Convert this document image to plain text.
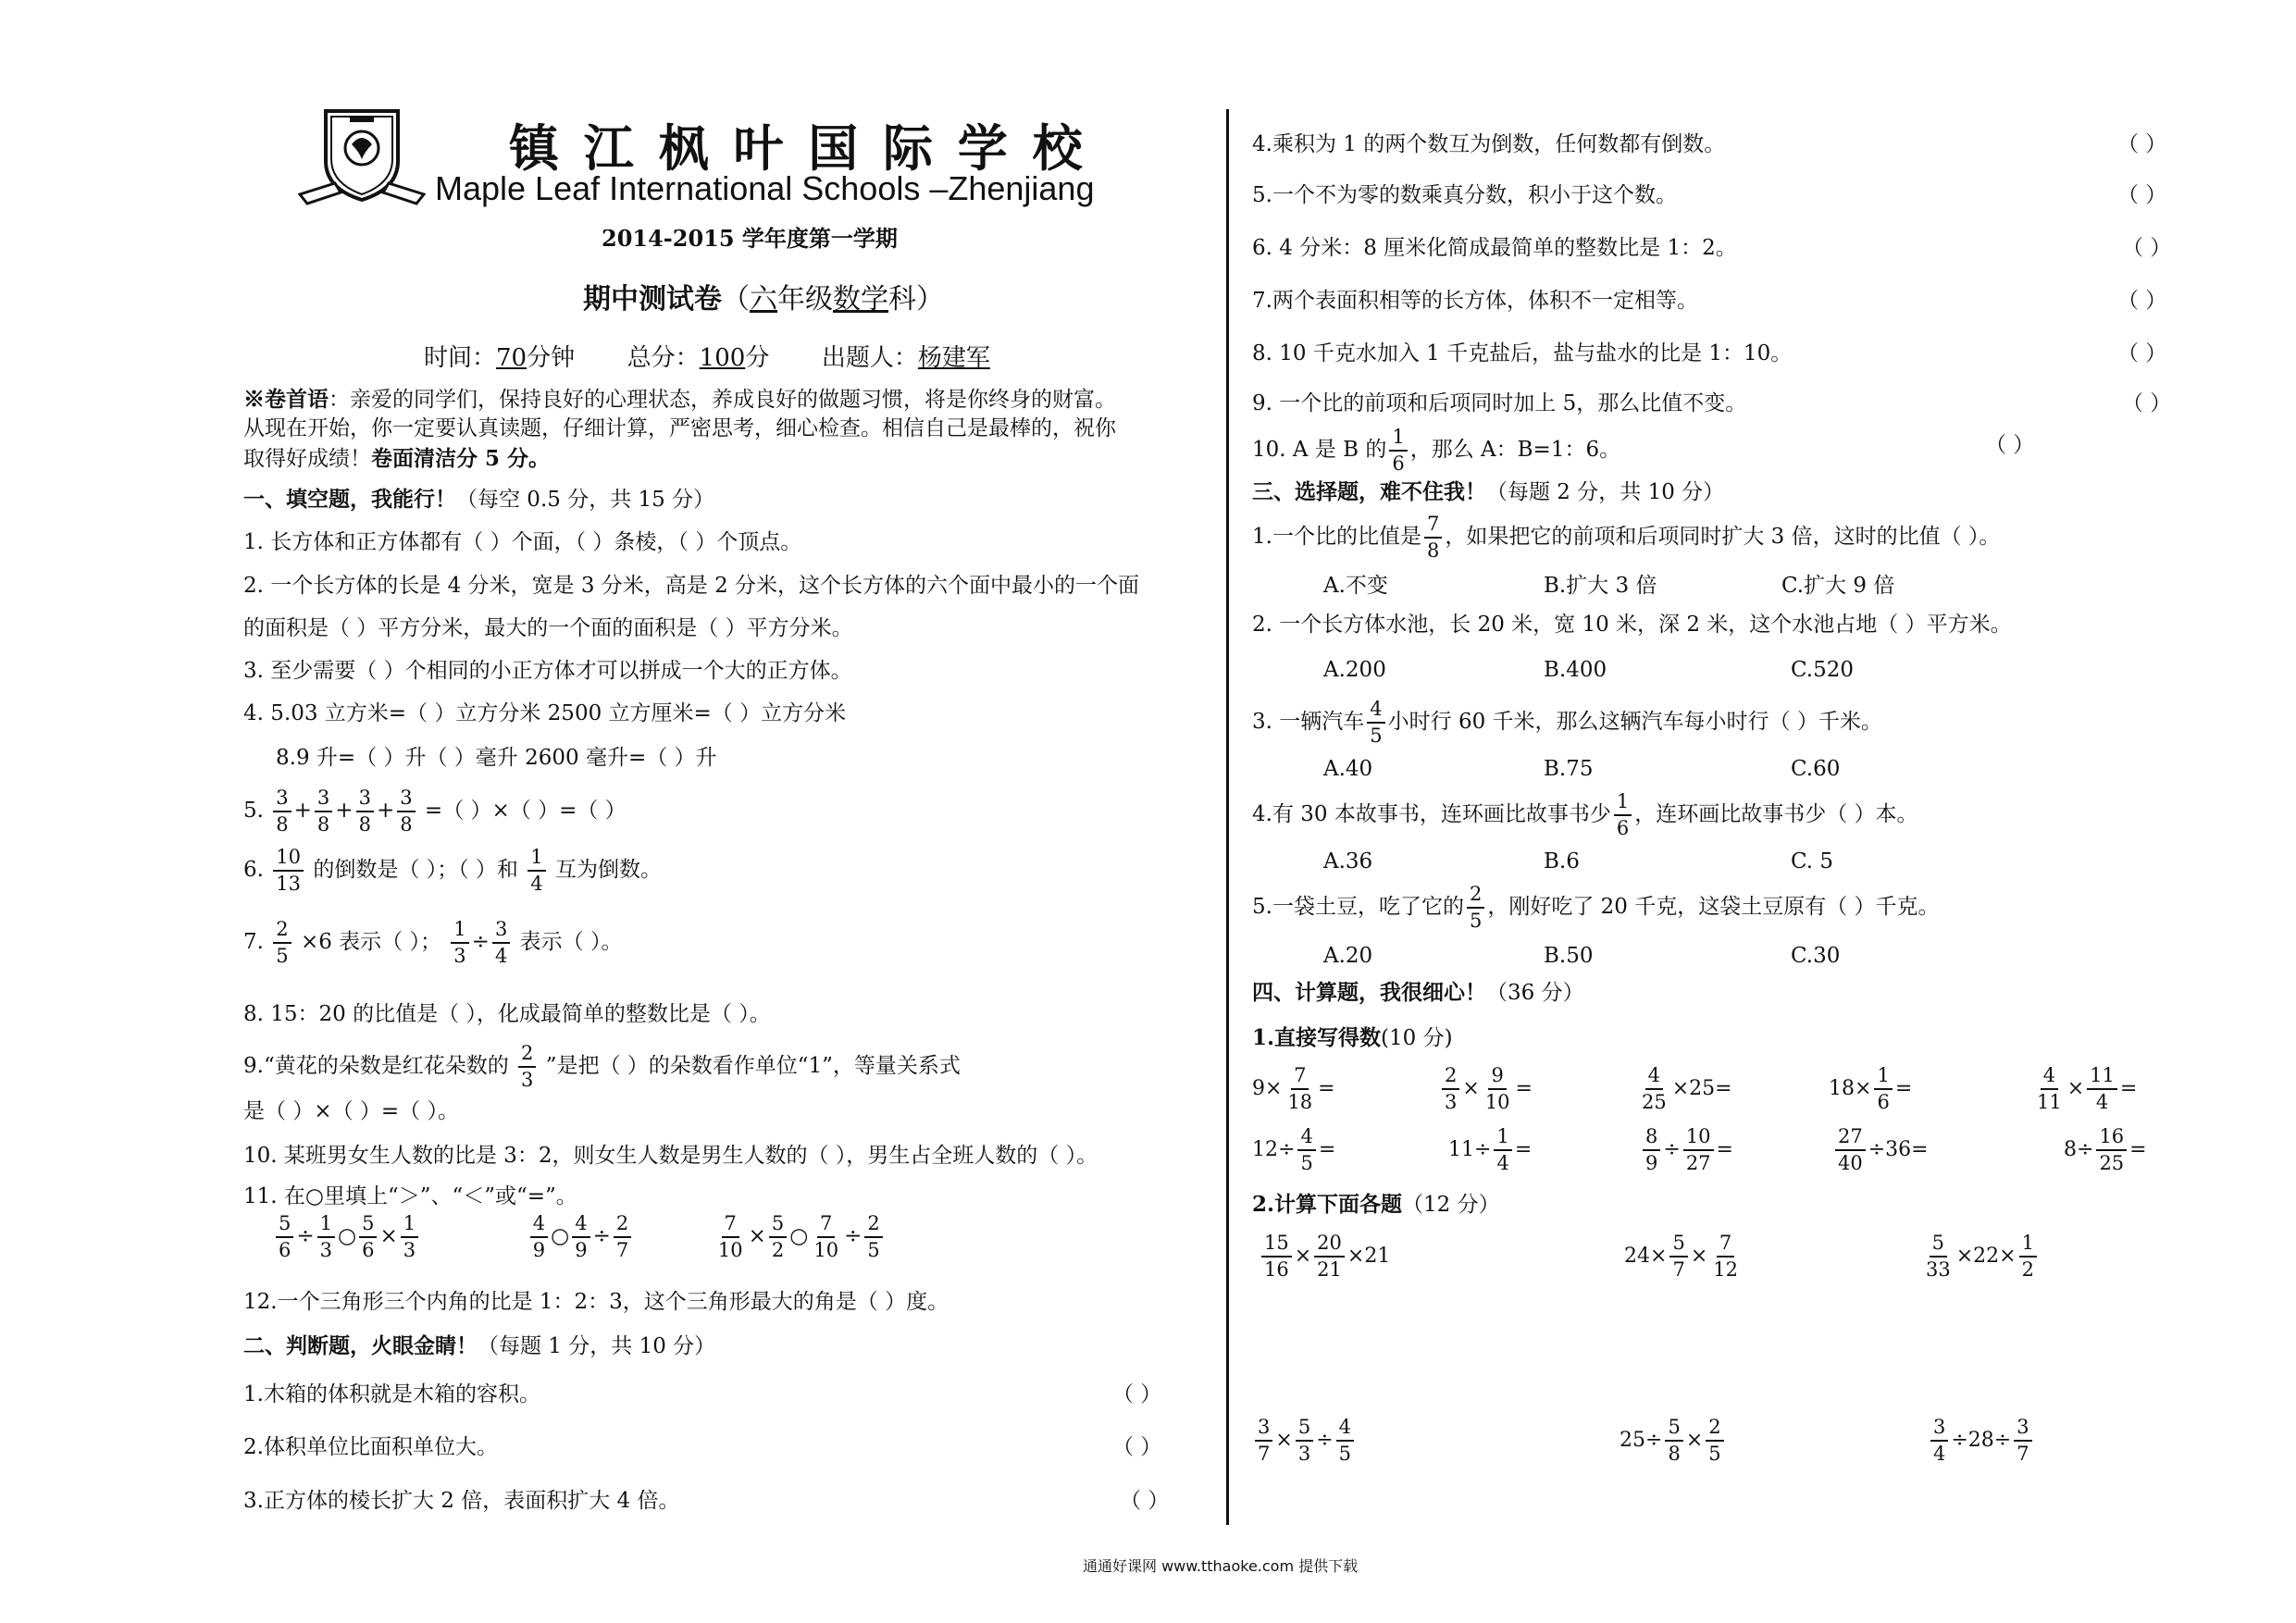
镇 江 枫 叶 国 际 学 校
Maple Leaf International Schools –Zhenjiang
2014-2015 学年度第一学期
期中测试卷（六年级数学科）
时间：70分钟 总分：100分 出题人：杨建军
※卷首语：亲爱的同学们，保持良好的心理状态，养成良好的做题习惯，将是你终身的财富。
从现在开始，你一定要认真读题，仔细计算，严密思考，细心检查。相信自己是最棒的，祝你
取得好成绩！卷面清洁分 5 分。
一、填空题，我能行！（每空 0.5 分，共 15 分）
1. 长方体和正方体都有（ ）个面，（ ）条棱，（ ）个顶点。
2. 一个长方体的长是 4 分米，宽是 3 分米，高是 2 分米，这个长方体的六个面中最小的一个面
的面积是（ ）平方分米，最大的一个面的面积是（ ）平方分米。
3. 至少需要（ ）个相同的小正方体才可以拼成一个大的正方体。
4. 5.03 立方米=（ ）立方分米 2500 立方厘米=（ ）立方分米
8.9 升=（ ）升（ ）毫升 2600 毫升=（ ）升
5. $\frac{3}{8} + \frac{3}{8} + \frac{3}{8} + \frac{3}{8}$ =（ ）×（ ）=（ ）
6. $\frac{10}{13}$ 的倒数是（ ）；（ ）和 $\frac{1}{4}$ 互为倒数。
7. $\frac{2}{5} \times 6$ 表示（ ）； $\frac{1}{3} \div \frac{3}{4}$ 表示（ ）。
8. 15：20 的比值是（ ），化成最简单的整数比是（ ）。
9.“黄花的朵数是红花朵数的 $\frac{2}{3}$ ”是把（ ）的朵数看作单位“1”，等量关系式
是（ ）×（ ）=（ ）。
10. 某班男女生人数的比是 3：2，则女生人数是男生人数的（ ），男生占全班人数的（ ）。
11. 在○里填上“＞”、“＜”或“=”。
$\frac{5}{6} \div \frac{1}{3}$ ○ $\frac{5}{6} \times \frac{1}{3}$
	$\frac{4}{9}$ ○ $\frac{4}{9} \div \frac{2}{7}$
	$\frac{7}{10} \times \frac{5}{2}$ ○ $\frac{7}{10} \div \frac{2}{5}$
12.一个三角形三个内角的比是 1：2：3，这个三角形最大的角是（ ）度。
二、判断题，火眼金睛！（每题 1 分，共 10 分）
1.木箱的体积就是木箱的容积。	（ ）
2.体积单位比面积单位大。	（ ）
3.正方体的棱长扩大 2 倍，表面积扩大 4 倍。	（ ）
4.乘积为 1 的两个数互为倒数，任何数都有倒数。	（ ）
5.一个不为零的数乘真分数，积小于这个数。	（ ）
6. 4 分米：8 厘米化简成最简单的整数比是 1：2。	（ ）
7.两个表面积相等的长方体，体积不一定相等。	（ ）
8. 10 千克水加入 1 千克盐后，盐与盐水的比是 1：10。	（ ）
9. 一个比的前项和后项同时加上 5，那么比值不变。	（ ）
10. A 是 B 的 $\frac{1}{6}$ ，那么 A：B=1：6。	（ ）
三、选择题，难不住我！（每题 2 分，共 10 分）
1.一个比的比值是 $\frac{7}{8}$ ，如果把它的前项和后项同时扩大 3 倍，这时的比值（ ）。
A.不变	B.扩大 3 倍	C.扩大 9 倍
2. 一个长方体水池，长 20 米，宽 10 米，深 2 米，这个水池占地（ ）平方米。
A.200	B.400	C.520
3. 一辆汽车 $\frac{4}{5}$ 小时行 60 千米，那么这辆汽车每小时行（ ）千米。
A.40	B.75	C.60
4.有 30 本故事书，连环画比故事书少 $\frac{1}{6}$ ，连环画比故事书少（ ）本。
A.36	B.6	C. 5
5.一袋土豆，吃了它的 $\frac{2}{5}$ ，刚好吃了 20 千克，这袋土豆原有（ ）千克。
A.20	B.50	C.30
四、计算题，我很细心！（36 分）
1.直接写得数(10 分)
$9\times \frac{7}{18}$ =	$\frac{2}{3} \times \frac{9}{10}$ =	$\frac{4}{25} \times 25=$	$18\times \frac{1}{6}$ =	$\frac{4}{11} \times \frac{11}{4}$ =
$12\div \frac{4}{5}$ =	$11\div \frac{1}{4}$ =	$\frac{8}{9} \div \frac{10}{27}$ =	$\frac{27}{40} \div 36=$	$8\div \frac{16}{25}$ =
2.计算下面各题（12 分）
$\frac{15}{16} \times \frac{20}{21} \times 21$	$24\times \frac{5}{7} \times \frac{7}{12}$	$\frac{5}{33} \times 22\times \frac{1}{2}$
$\frac{3}{7} \times \frac{5}{3} \div \frac{4}{5}$	$25\div \frac{5}{8} \times \frac{2}{5}$	$\frac{3}{4} \div 28\div \frac{3}{7}$
通通好课网 www.tthaoke.com 提供下载
